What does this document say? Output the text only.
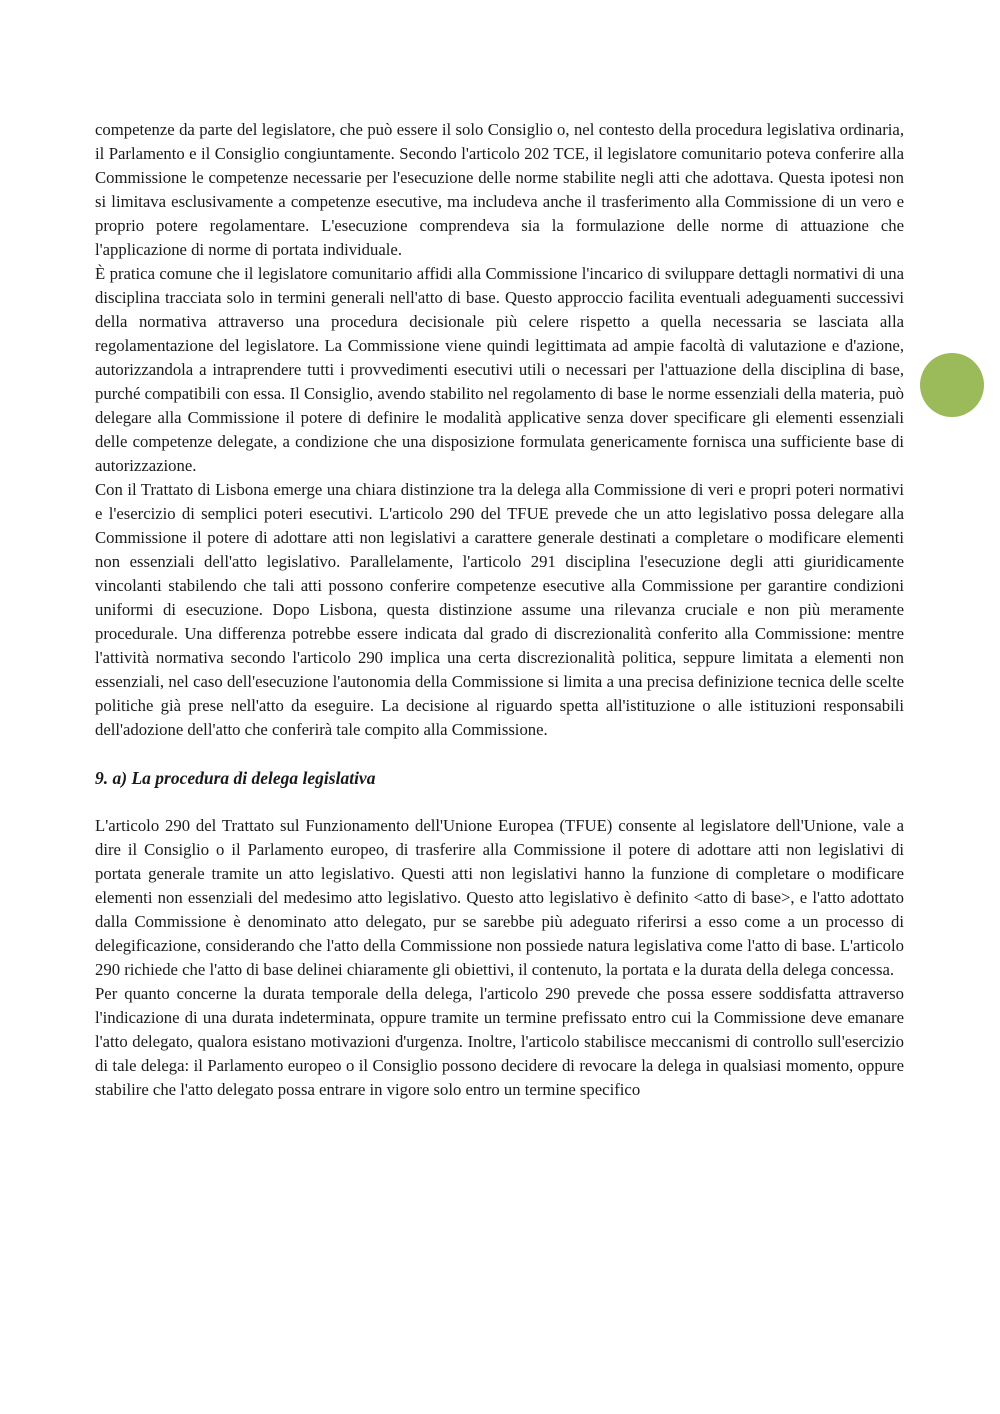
competenze da parte del legislatore, che può essere il solo Consiglio o, nel contesto della procedura legislativa ordinaria, il Parlamento e il Consiglio congiuntamente. Secondo l'articolo 202 TCE, il legislatore comunitario poteva conferire alla Commissione le competenze necessarie per l'esecuzione delle norme stabilite negli atti che adottava. Questa ipotesi non si limitava esclusivamente a competenze esecutive, ma includeva anche il trasferimento alla Commissione di un vero e proprio potere regolamentare. L'esecuzione comprendeva sia la formulazione delle norme di attuazione che l'applicazione di norme di portata individuale.

È pratica comune che il legislatore comunitario affidi alla Commissione l'incarico di sviluppare dettagli normativi di una disciplina tracciata solo in termini generali nell'atto di base. Questo approccio facilita eventuali adeguamenti successivi della normativa attraverso una procedura decisionale più celere rispetto a quella necessaria se lasciata alla regolamentazione del legislatore. La Commissione viene quindi legittimata ad ampie facoltà di valutazione e d'azione, autorizzandola a intraprendere tutti i provvedimenti esecutivi utili o necessari per l'attuazione della disciplina di base, purché compatibili con essa. Il Consiglio, avendo stabilito nel regolamento di base le norme essenziali della materia, può delegare alla Commissione il potere di definire le modalità applicative senza dover specificare gli elementi essenziali delle competenze delegate, a condizione che una disposizione formulata genericamente fornisca una sufficiente base di autorizzazione.

Con il Trattato di Lisbona emerge una chiara distinzione tra la delega alla Commissione di veri e propri poteri normativi e l'esercizio di semplici poteri esecutivi. L'articolo 290 del TFUE prevede che un atto legislativo possa delegare alla Commissione il potere di adottare atti non legislativi a carattere generale destinati a completare o modificare elementi non essenziali dell'atto legislativo. Parallelamente, l'articolo 291 disciplina l'esecuzione degli atti giuridicamente vincolanti stabilendo che tali atti possono conferire competenze esecutive alla Commissione per garantire condizioni uniformi di esecuzione. Dopo Lisbona, questa distinzione assume una rilevanza cruciale e non più meramente procedurale. Una differenza potrebbe essere indicata dal grado di discrezionalità conferito alla Commissione: mentre l'attività normativa secondo l'articolo 290 implica una certa discrezionalità politica, seppure limitata a elementi non essenziali, nel caso dell'esecuzione l'autonomia della Commissione si limita a una precisa definizione tecnica delle scelte politiche già prese nell'atto da eseguire. La decisione al riguardo spetta all'istituzione o alle istituzioni responsabili dell'adozione dell'atto che conferirà tale compito alla Commissione.

9. a) La procedura di delega legislativa

L'articolo 290 del Trattato sul Funzionamento dell'Unione Europea (TFUE) consente al legislatore dell'Unione, vale a dire il Consiglio o il Parlamento europeo, di trasferire alla Commissione il potere di adottare atti non legislativi di portata generale tramite un atto legislativo. Questi atti non legislativi hanno la funzione di completare o modificare elementi non essenziali del medesimo atto legislativo. Questo atto legislativo è definito <atto di base>, e l'atto adottato dalla Commissione è denominato atto delegato, pur se sarebbe più adeguato riferirsi a esso come a un processo di delegificazione, considerando che l'atto della Commissione non possiede natura legislativa come l'atto di base. L'articolo 290 richiede che l'atto di base delinei chiaramente gli obiettivi, il contenuto, la portata e la durata della delega concessa.

Per quanto concerne la durata temporale della delega, l'articolo 290 prevede che possa essere soddisfatta attraverso l'indicazione di una durata indeterminata, oppure tramite un termine prefissato entro cui la Commissione deve emanare l'atto delegato, qualora esistano motivazioni d'urgenza. Inoltre, l'articolo stabilisce meccanismi di controllo sull'esercizio di tale delega: il Parlamento europeo o il Consiglio possono decidere di revocare la delega in qualsiasi momento, oppure stabilire che l'atto delegato possa entrare in vigore solo entro un termine specifico
